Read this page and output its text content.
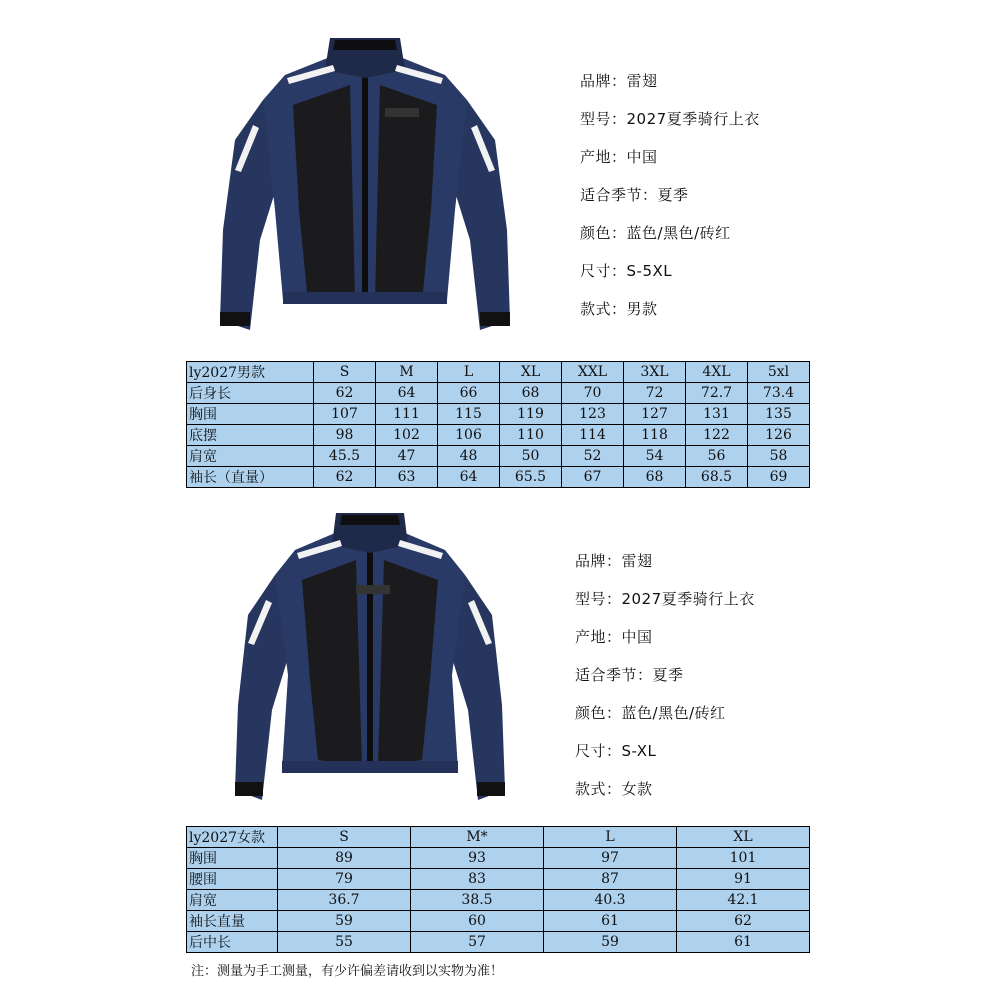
品牌：雷翅
型号：2027夏季骑行上衣
产地：中国
适合季节：夏季
颜色：蓝色/黑色/砖红
尺寸：S-5XL
款式：男款
ly2027男款	S	M	L	XL	XXL	3XL	4XL	5xl
后身长	62	64	66	68	70	72	72.7	73.4
胸围	107	111	115	119	123	127	131	135
底摆	98	102	106	110	114	118	122	126
肩宽	45.5	47	48	50	52	54	56	58
袖长（直量）	62	63	64	65.5	67	68	68.5	69
品牌：雷翅
型号：2027夏季骑行上衣
产地：中国
适合季节：夏季
颜色：蓝色/黑色/砖红
尺寸：S-XL
款式：女款
ly2027女款	S	M*	L	XL
胸围	89	93	97	101
腰围	79	83	87	91
肩宽	36.7	38.5	40.3	42.1
袖长直量	59	60	61	62
后中长	55	57	59	61
注：测量为手工测量，有少许偏差请收到以实物为准！
